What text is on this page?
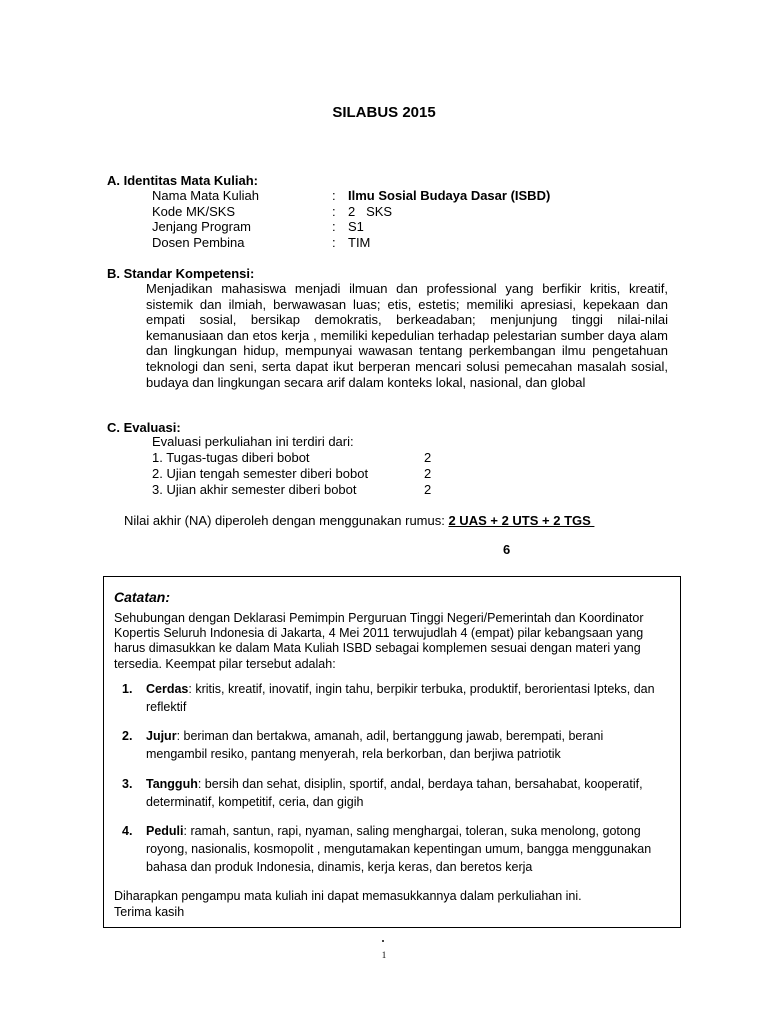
SILABUS 2015
A. Identitas Mata Kuliah:
Nama Mata Kuliah	: Ilmu Sosial Budaya Dasar (ISBD)
Kode MK/SKS	: 2   SKS
Jenjang Program	: S1
Dosen Pembina	: TIM
B. Standar Kompetensi:
Menjadikan mahasiswa menjadi ilmuan dan professional yang berfikir kritis, kreatif, sistemik dan ilmiah, berwawasan luas; etis, estetis; memiliki apresiasi, kepekaan dan empati sosial, bersikap demokratis, berkeadaban; menjunjung tinggi nilai-nilai kemanusiaan dan etos kerja , memiliki kepedulian terhadap pelestarian sumber daya alam dan lingkungan hidup, mempunyai wawasan tentang perkembangan ilmu pengetahuan teknologi dan seni, serta dapat ikut berperan mencari solusi pemecahan masalah sosial, budaya dan lingkungan secara arif dalam konteks lokal, nasional, dan global
C. Evaluasi:
Evaluasi perkuliahan ini terdiri dari:
1. Tugas-tugas diberi bobot	2
2. Ujian tengah semester diberi bobot	2
3. Ujian akhir semester diberi bobot	2
Nilai akhir (NA) diperoleh dengan menggunakan rumus: 2 UAS + 2 UTS + 2 TGS
6
Catatan:
Sehubungan dengan Deklarasi Pemimpin Perguruan Tinggi Negeri/Pemerintah dan Koordinator Kopertis Seluruh Indonesia di Jakarta, 4 Mei 2011 terwujudlah 4 (empat) pilar kebangsaan yang harus dimasukkan ke dalam Mata Kuliah ISBD sebagai komplemen sesuai dengan materi yang tersedia. Keempat pilar tersebut adalah:
1. Cerdas: kritis, kreatif, inovatif, ingin tahu, berpikir terbuka, produktif, berorientasi Ipteks, dan reflektif
2. Jujur: beriman dan bertakwa, amanah, adil, bertanggung jawab, berempati, berani mengambil resiko, pantang menyerah, rela berkorban, dan berjiwa patriotik
3. Tangguh: bersih dan sehat, disiplin, sportif, andal, berdaya tahan, bersahabat, kooperatif, determinatif, kompetitif, ceria, dan gigih
4. Peduli: ramah, santun, rapi, nyaman, saling menghargai, toleran, suka menolong, gotong royong, nasionalis, kosmopolit , mengutamakan kepentingan umum, bangga menggunakan bahasa dan produk Indonesia, dinamis, kerja keras, dan beretos kerja
Diharapkan pengampu mata kuliah ini dapat memasukkannya dalam perkuliahan ini.
Terima kasih
1
